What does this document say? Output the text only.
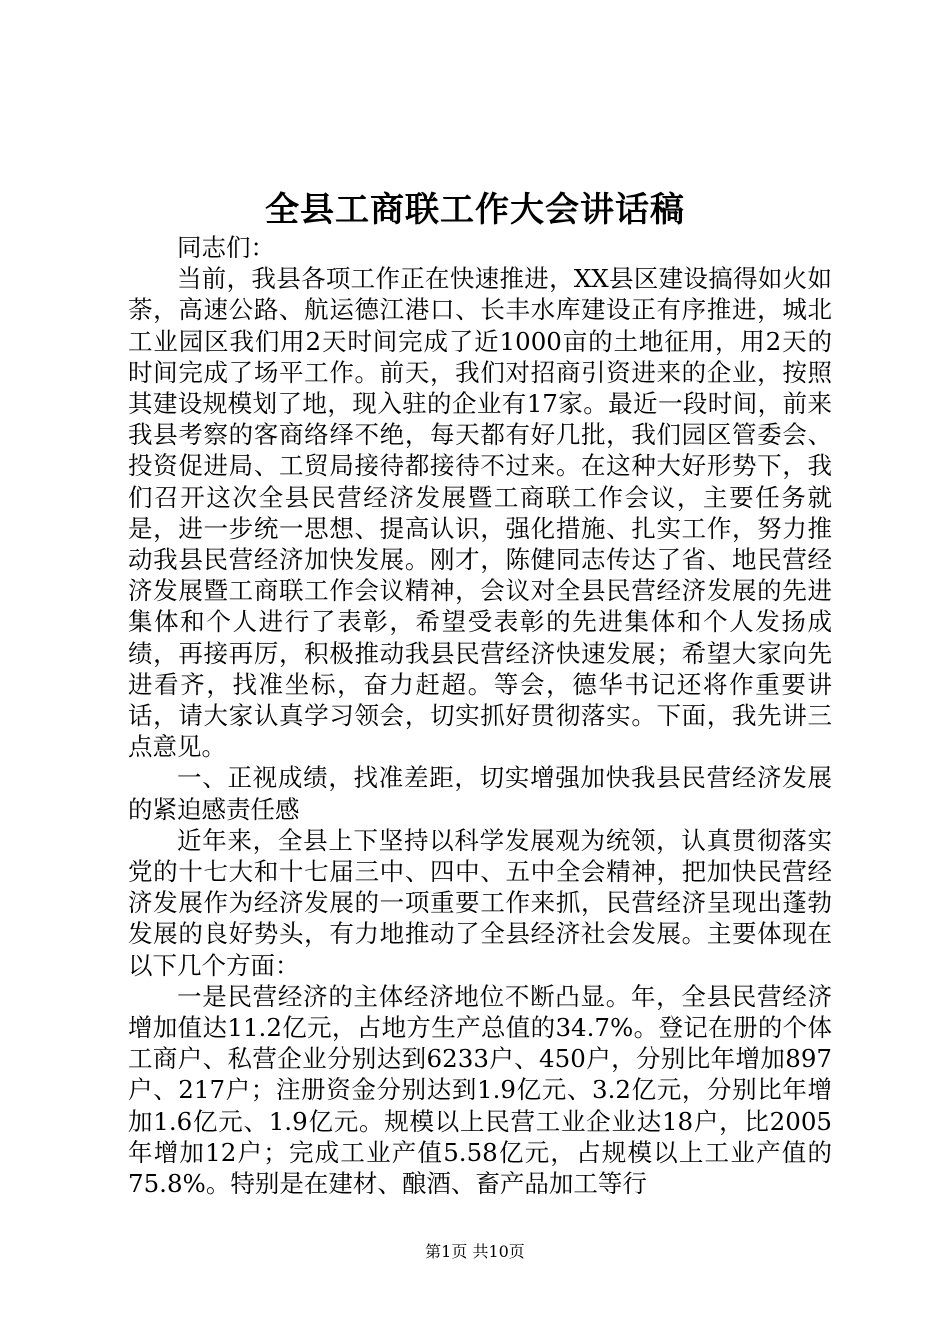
全县工商联工作大会讲话稿

同志们：

当前，我县各项工作正在快速推进，XX县区建设搞得如火如荼，高速公路、航运德江港口、长丰水库建设正有序推进，城北工业园区我们用2天时间完成了近1000亩的土地征用，用2天的时间完成了场平工作。前天，我们对招商引资进来的企业，按照其建设规模划了地，现入驻的企业有17家。最近一段时间，前来我县考察的客商络绎不绝，每天都有好几批，我们园区管委会、投资促进局、工贸局接待都接待不过来。在这种大好形势下，我们召开这次全县民营经济发展暨工商联工作会议，主要任务就是，进一步统一思想、提高认识，强化措施、扎实工作，努力推动我县民营经济加快发展。刚才，陈健同志传达了省、地民营经济发展暨工商联工作会议精神，会议对全县民营经济发展的先进集体和个人进行了表彰，希望受表彰的先进集体和个人发扬成绩，再接再厉，积极推动我县民营经济快速发展；希望大家向先进看齐，找准坐标，奋力赶超。等会，德华书记还将作重要讲话，请大家认真学习领会，切实抓好贯彻落实。下面，我先讲三点意见。

一、正视成绩，找准差距，切实增强加快我县民营经济发展的紧迫感责任感

近年来，全县上下坚持以科学发展观为统领，认真贯彻落实党的十七大和十七届三中、四中、五中全会精神，把加快民营经济发展作为经济发展的一项重要工作来抓，民营经济呈现出蓬勃发展的良好势头，有力地推动了全县经济社会发展。主要体现在以下几个方面：

一是民营经济的主体经济地位不断凸显。年，全县民营经济增加值达11.2亿元，占地方生产总值的34.7%。登记在册的个体工商户、私营企业分别达到6233户、450户，分别比年增加897户、217户；注册资金分别达到1.9亿元、3.2亿元，分别比年增加1.6亿元、1.9亿元。规模以上民营工业企业达18户，比2005年增加12户；完成工业产值5.58亿元，占规模以上工业产值的75.8%。特别是在建材、酿酒、畜产品加工等行

第1页 共10页
